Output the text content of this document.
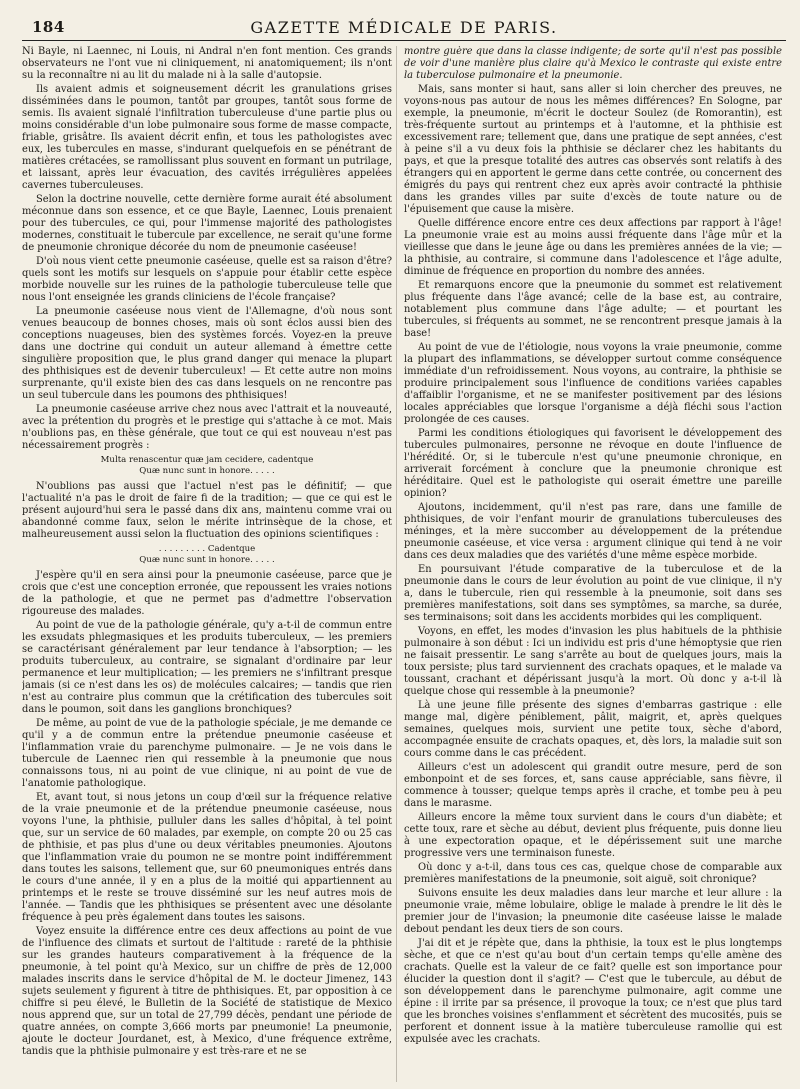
184	GAZETTE MÉDICALE DE PARIS.

Ni Bayle, ni Laennec, ni Louis, ni Andral n'en font mention. Ces grands observateurs ne l'ont vue ni cliniquement, ni anatomiquement; ils n'ont su la reconnaître ni au lit du malade ni à la salle d'autopsie.

Ils avaient admis et soigneusement décrit les granulations grises disséminées dans le poumon, tantôt par groupes, tantôt sous forme de semis. Ils avaient signalé l'infiltration tuberculeuse d'une partie plus ou moins considérable d'un lobe pulmonaire sous forme de masse compacte, friable, grisâtre. Ils avaient décrit enfin, et tous les pathologistes avec eux, les tubercules en masse, s'indurant quelquefois en se pénétrant de matières crétacées, se ramollissant plus souvent en formant un putrilage, et laissant, après leur évacuation, des cavités irrégulières appelées cavernes tuberculeuses.

Selon la doctrine nouvelle, cette dernière forme aurait été absolument méconnue dans son essence, et ce que Bayle, Laennec, Louis prenaient pour des tubercules, ce qui, pour l'immense majorité des pathologistes modernes, constituait le tubercule par excellence, ne serait qu'une forme de pneumonie chronique décorée du nom de pneumonie caséeuse!

D'où nous vient cette pneumonie caséeuse, quelle est sa raison d'être? quels sont les motifs sur lesquels on s'appuie pour établir cette espèce morbide nouvelle sur les ruines de la pathologie tuberculeuse telle que nous l'ont enseignée les grands cliniciens de l'école française?

La pneumonie caséeuse nous vient de l'Allemagne, d'où nous sont venues beaucoup de bonnes choses, mais où sont éclos aussi bien des conceptions nuageuses, bien des systèmes forcés. Voyez-en la preuve dans une doctrine qui conduit un auteur allemand à émettre cette singulière proposition que, le plus grand danger qui menace la plupart des phthisiques est de devenir tuberculeux! — Et cette autre non moins surprenante, qu'il existe bien des cas dans lesquels on ne rencontre pas un seul tubercule dans les poumons des phthisiques!

La pneumonie caséeuse arrive chez nous avec l'attrait et la nouveauté, avec la prétention du progrès et le prestige qui s'attache à ce mot. Mais n'oublions pas, en thèse générale, que tout ce qui est nouveau n'est pas nécessairement progrès :

Multa renascentur quæ jam cecidere, cadentque
Quæ nunc sunt in honore. . . . .

N'oublions pas aussi que l'actuel n'est pas le définitif; — que l'actualité n'a pas le droit de faire fi de la tradition; — que ce qui est le présent aujourd'hui sera le passé dans dix ans, maintenu comme vrai ou abandonné comme faux, selon le mérite intrinsèque de la chose, et malheureusement aussi selon la fluctuation des opinions scientifiques :

. . . . . . . . . Cadentque
Quæ nunc sunt in honore. . . . .

J'espère qu'il en sera ainsi pour la pneumonie caséeuse, parce que je crois que c'est une conception erronée, que repoussent les vraies notions de la pathologie, et que ne permet pas d'admettre l'observation rigoureuse des malades.

Au point de vue de la pathologie générale, qu'y a-t-il de commun entre les exsudats phlegmasiques et les produits tuberculeux, — les premiers se caractérisant généralement par leur tendance à l'absorption; — les produits tuberculeux, au contraire, se signalant d'ordinaire par leur permanence et leur multiplication; — les premiers ne s'infiltrant presque jamais (si ce n'est dans les os) de molécules calcaires; — tandis que rien n'est au contraire plus commun que la crétification des tubercules soit dans le poumon, soit dans les ganglions bronchiques?

De même, au point de vue de la pathologie spéciale, je me demande ce qu'il y a de commun entre la prétendue pneumonie caséeuse et l'inflammation vraie du parenchyme pulmonaire. — Je ne vois dans le tubercule de Laennec rien qui ressemble à la pneumonie que nous connaissons tous, ni au point de vue clinique, ni au point de vue de l'anatomie pathologique.

Et, avant tout, si nous jetons un coup d'œil sur la fréquence relative de la vraie pneumonie et de la prétendue pneumonie caséeuse, nous voyons l'une, la phthisie, pulluler dans les salles d'hôpital, à tel point que, sur un service de 60 malades, par exemple, on compte 20 ou 25 cas de phthisie, et pas plus d'une ou deux véritables pneumonies. Ajoutons que l'inflammation vraie du poumon ne se montre point indifféremment dans toutes les saisons, tellement que, sur 60 pneumoniques entrés dans le cours d'une année, il y en a plus de la moitié qui appartiennent au printemps et le reste se trouve disséminé sur les neuf autres mois de l'année. — Tandis que les phthisiques se présentent avec une désolante fréquence à peu près également dans toutes les saisons.

Voyez ensuite la différence entre ces deux affections au point de vue de l'influence des climats et surtout de l'altitude : rareté de la phthisie sur les grandes hauteurs comparativement à la fréquence de la pneumonie, à tel point qu'à Mexico, sur un chiffre de près de 12,000 malades inscrits dans le service d'hôpital de M. le docteur Jimenez, 143 sujets seulement y figurent à titre de phthisiques. Et, par opposition à ce chiffre si peu élevé, le Bulletin de la Société de statistique de Mexico nous apprend que, sur un total de 27,799 décès, pendant une période de quatre années, on compte 3,666 morts par pneumonie! La pneumonie, ajoute le docteur Jourdanet, est, à Mexico, d'une fréquence extrême, tandis que la phthisie pulmonaire y est très-rare et ne se

montre guère que dans la classe indigente; de sorte qu'il n'est pas possible de voir d'une manière plus claire qu'à Mexico le contraste qui existe entre la tuberculose pulmonaire et la pneumonie.

Mais, sans monter si haut, sans aller si loin chercher des preuves, ne voyons-nous pas autour de nous les mêmes différences? En Sologne, par exemple, la pneumonie, m'écrit le docteur Soulez (de Romorantin), est très-fréquente surtout au printemps et à l'automne, et la phthisie est excessivement rare; tellement que, dans une pratique de sept années, c'est à peine s'il a vu deux fois la phthisie se déclarer chez les habitants du pays, et que la presque totalité des autres cas observés sont relatifs à des étrangers qui en apportent le germe dans cette contrée, ou concernent des émigrés du pays qui rentrent chez eux après avoir contracté la phthisie dans les grandes villes par suite d'excès de toute nature ou de l'épuisement que cause la misère.

Quelle différence encore entre ces deux affections par rapport à l'âge! La pneumonie vraie est au moins aussi fréquente dans l'âge mûr et la vieillesse que dans le jeune âge ou dans les premières années de la vie; — la phthisie, au contraire, si commune dans l'adolescence et l'âge adulte, diminue de fréquence en proportion du nombre des années.

Et remarquons encore que la pneumonie du sommet est relativement plus fréquente dans l'âge avancé; celle de la base est, au contraire, notablement plus commune dans l'âge adulte; — et pourtant les tubercules, si fréquents au sommet, ne se rencontrent presque jamais à la base!

Au point de vue de l'étiologie, nous voyons la vraie pneumonie, comme la plupart des inflammations, se développer surtout comme conséquence immédiate d'un refroidissement. Nous voyons, au contraire, la phthisie se produire principalement sous l'influence de conditions variées capables d'affaiblir l'organisme, et ne se manifester positivement par des lésions locales appréciables que lorsque l'organisme a déjà fléchi sous l'action prolongée de ces causes.

Parmi les conditions étiologiques qui favorisent le développement des tubercules pulmonaires, personne ne révoque en doute l'influence de l'hérédité. Or, si le tubercule n'est qu'une pneumonie chronique, en arriverait forcément à conclure que la pneumonie chronique est héréditaire. Quel est le pathologiste qui oserait émettre une pareille opinion?

Ajoutons, incidemment, qu'il n'est pas rare, dans une famille de phthisiques, de voir l'enfant mourir de granulations tuberculeuses des méninges, et la mère succomber au développement de la prétendue pneumonie caséeuse, et vice versa : argument clinique qui tend à ne voir dans ces deux maladies que des variétés d'une même espèce morbide.

En poursuivant l'étude comparative de la tuberculose et de la pneumonie dans le cours de leur évolution au point de vue clinique, il n'y a, dans le tubercule, rien qui ressemble à la pneumonie, soit dans ses premières manifestations, soit dans ses symptômes, sa marche, sa durée, ses terminaisons; soit dans les accidents morbides qui les compliquent.

Voyons, en effet, les modes d'invasion les plus habituels de la phthisie pulmonaire à son début : Ici un individu est pris d'une hémoptysie que rien ne faisait pressentir. Le sang s'arrête au bout de quelques jours, mais la toux persiste; plus tard surviennent des crachats opaques, et le malade va toussant, crachant et dépérissant jusqu'à la mort. Où donc y a-t-il là quelque chose qui ressemble à la pneumonie?

Là une jeune fille présente des signes d'embarras gastrique : elle mange mal, digère péniblement, pâlit, maigrit, et, après quelques semaines, quelques mois, survient une petite toux, sèche d'abord, accompagnée ensuite de crachats opaques, et, dès lors, la maladie suit son cours comme dans le cas précédent.

Ailleurs c'est un adolescent qui grandit outre mesure, perd de son embonpoint et de ses forces, et, sans cause appréciable, sans fièvre, il commence à tousser; quelque temps après il crache, et tombe peu à peu dans le marasme.

Ailleurs encore la même toux survient dans le cours d'un diabète; et cette toux, rare et sèche au début, devient plus fréquente, puis donne lieu à une expectoration opaque, et le dépérissement suit une marche progressive vers une terminaison funeste.

Où donc y a-t-il, dans tous ces cas, quelque chose de comparable aux premières manifestations de la pneumonie, soit aiguë, soit chronique?

Suivons ensuite les deux maladies dans leur marche et leur allure : la pneumonie vraie, même lobulaire, oblige le malade à prendre le lit dès le premier jour de l'invasion; la pneumonie dite caséeuse laisse le malade debout pendant les deux tiers de son cours.

J'ai dit et je répète que, dans la phthisie, la toux est le plus longtemps sèche, et que ce n'est qu'au bout d'un certain temps qu'elle amène des crachats. Quelle est la valeur de ce fait? quelle est son importance pour élucider la question dont il s'agit? — C'est que le tubercule, au début de son développement dans le parenchyme pulmonaire, agit comme une épine : il irrite par sa présence, il provoque la toux; ce n'est que plus tard que les bronches voisines s'enflamment et sécrètent des mucosités, puis se perforent et donnent issue à la matière tuberculeuse ramollie qui est expulsée avec les crachats.
